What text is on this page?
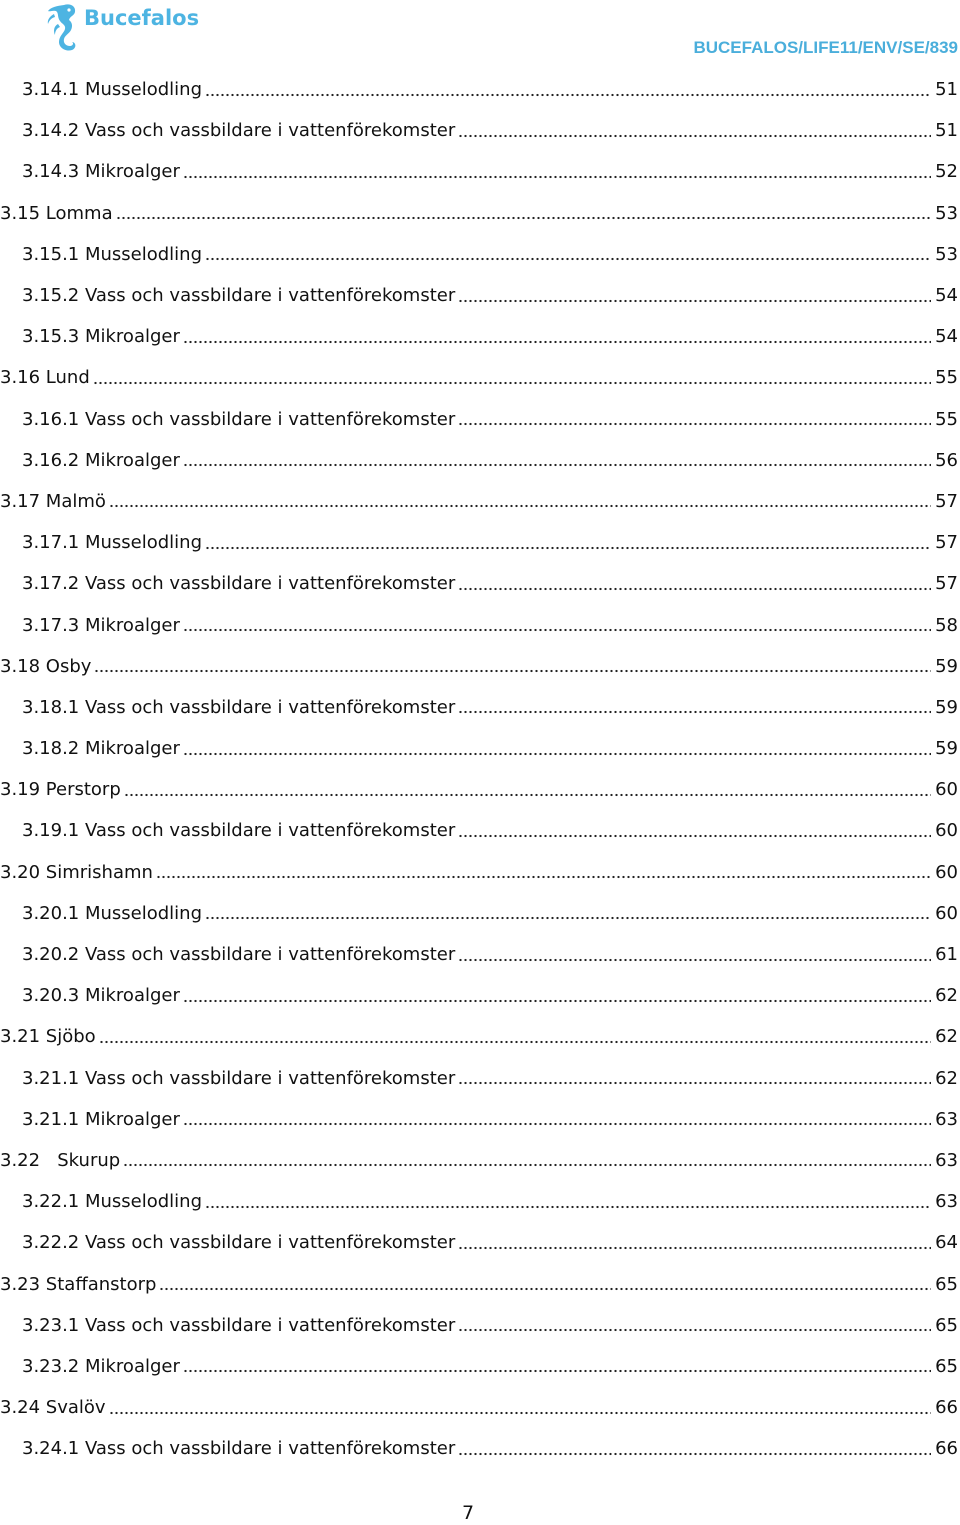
Bucefalos
BUCEFALOS/LIFE11/ENV/SE/839
3.14.1 Musselodling	51
3.14.2 Vass och vassbildare i vattenförekomster	51
3.14.3 Mikroalger	52
3.15 Lomma	53
3.15.1 Musselodling	53
3.15.2 Vass och vassbildare i vattenförekomster	54
3.15.3 Mikroalger	54
3.16 Lund	55
3.16.1 Vass och vassbildare i vattenförekomster	55
3.16.2 Mikroalger	56
3.17 Malmö	57
3.17.1 Musselodling	57
3.17.2 Vass och vassbildare i vattenförekomster	57
3.17.3 Mikroalger	58
3.18 Osby	59
3.18.1 Vass och vassbildare i vattenförekomster	59
3.18.2 Mikroalger	59
3.19 Perstorp	60
3.19.1 Vass och vassbildare i vattenförekomster	60
3.20 Simrishamn	60
3.20.1 Musselodling	60
3.20.2 Vass och vassbildare i vattenförekomster	61
3.20.3 Mikroalger	62
3.21 Sjöbo	62
3.21.1 Vass och vassbildare i vattenförekomster	62
3.21.1 Mikroalger	63
3.22   Skurup	63
3.22.1 Musselodling	63
3.22.2 Vass och vassbildare i vattenförekomster	64
3.23 Staffanstorp	65
3.23.1 Vass och vassbildare i vattenförekomster	65
3.23.2 Mikroalger	65
3.24 Svalöv	66
3.24.1 Vass och vassbildare i vattenförekomster	66
7
